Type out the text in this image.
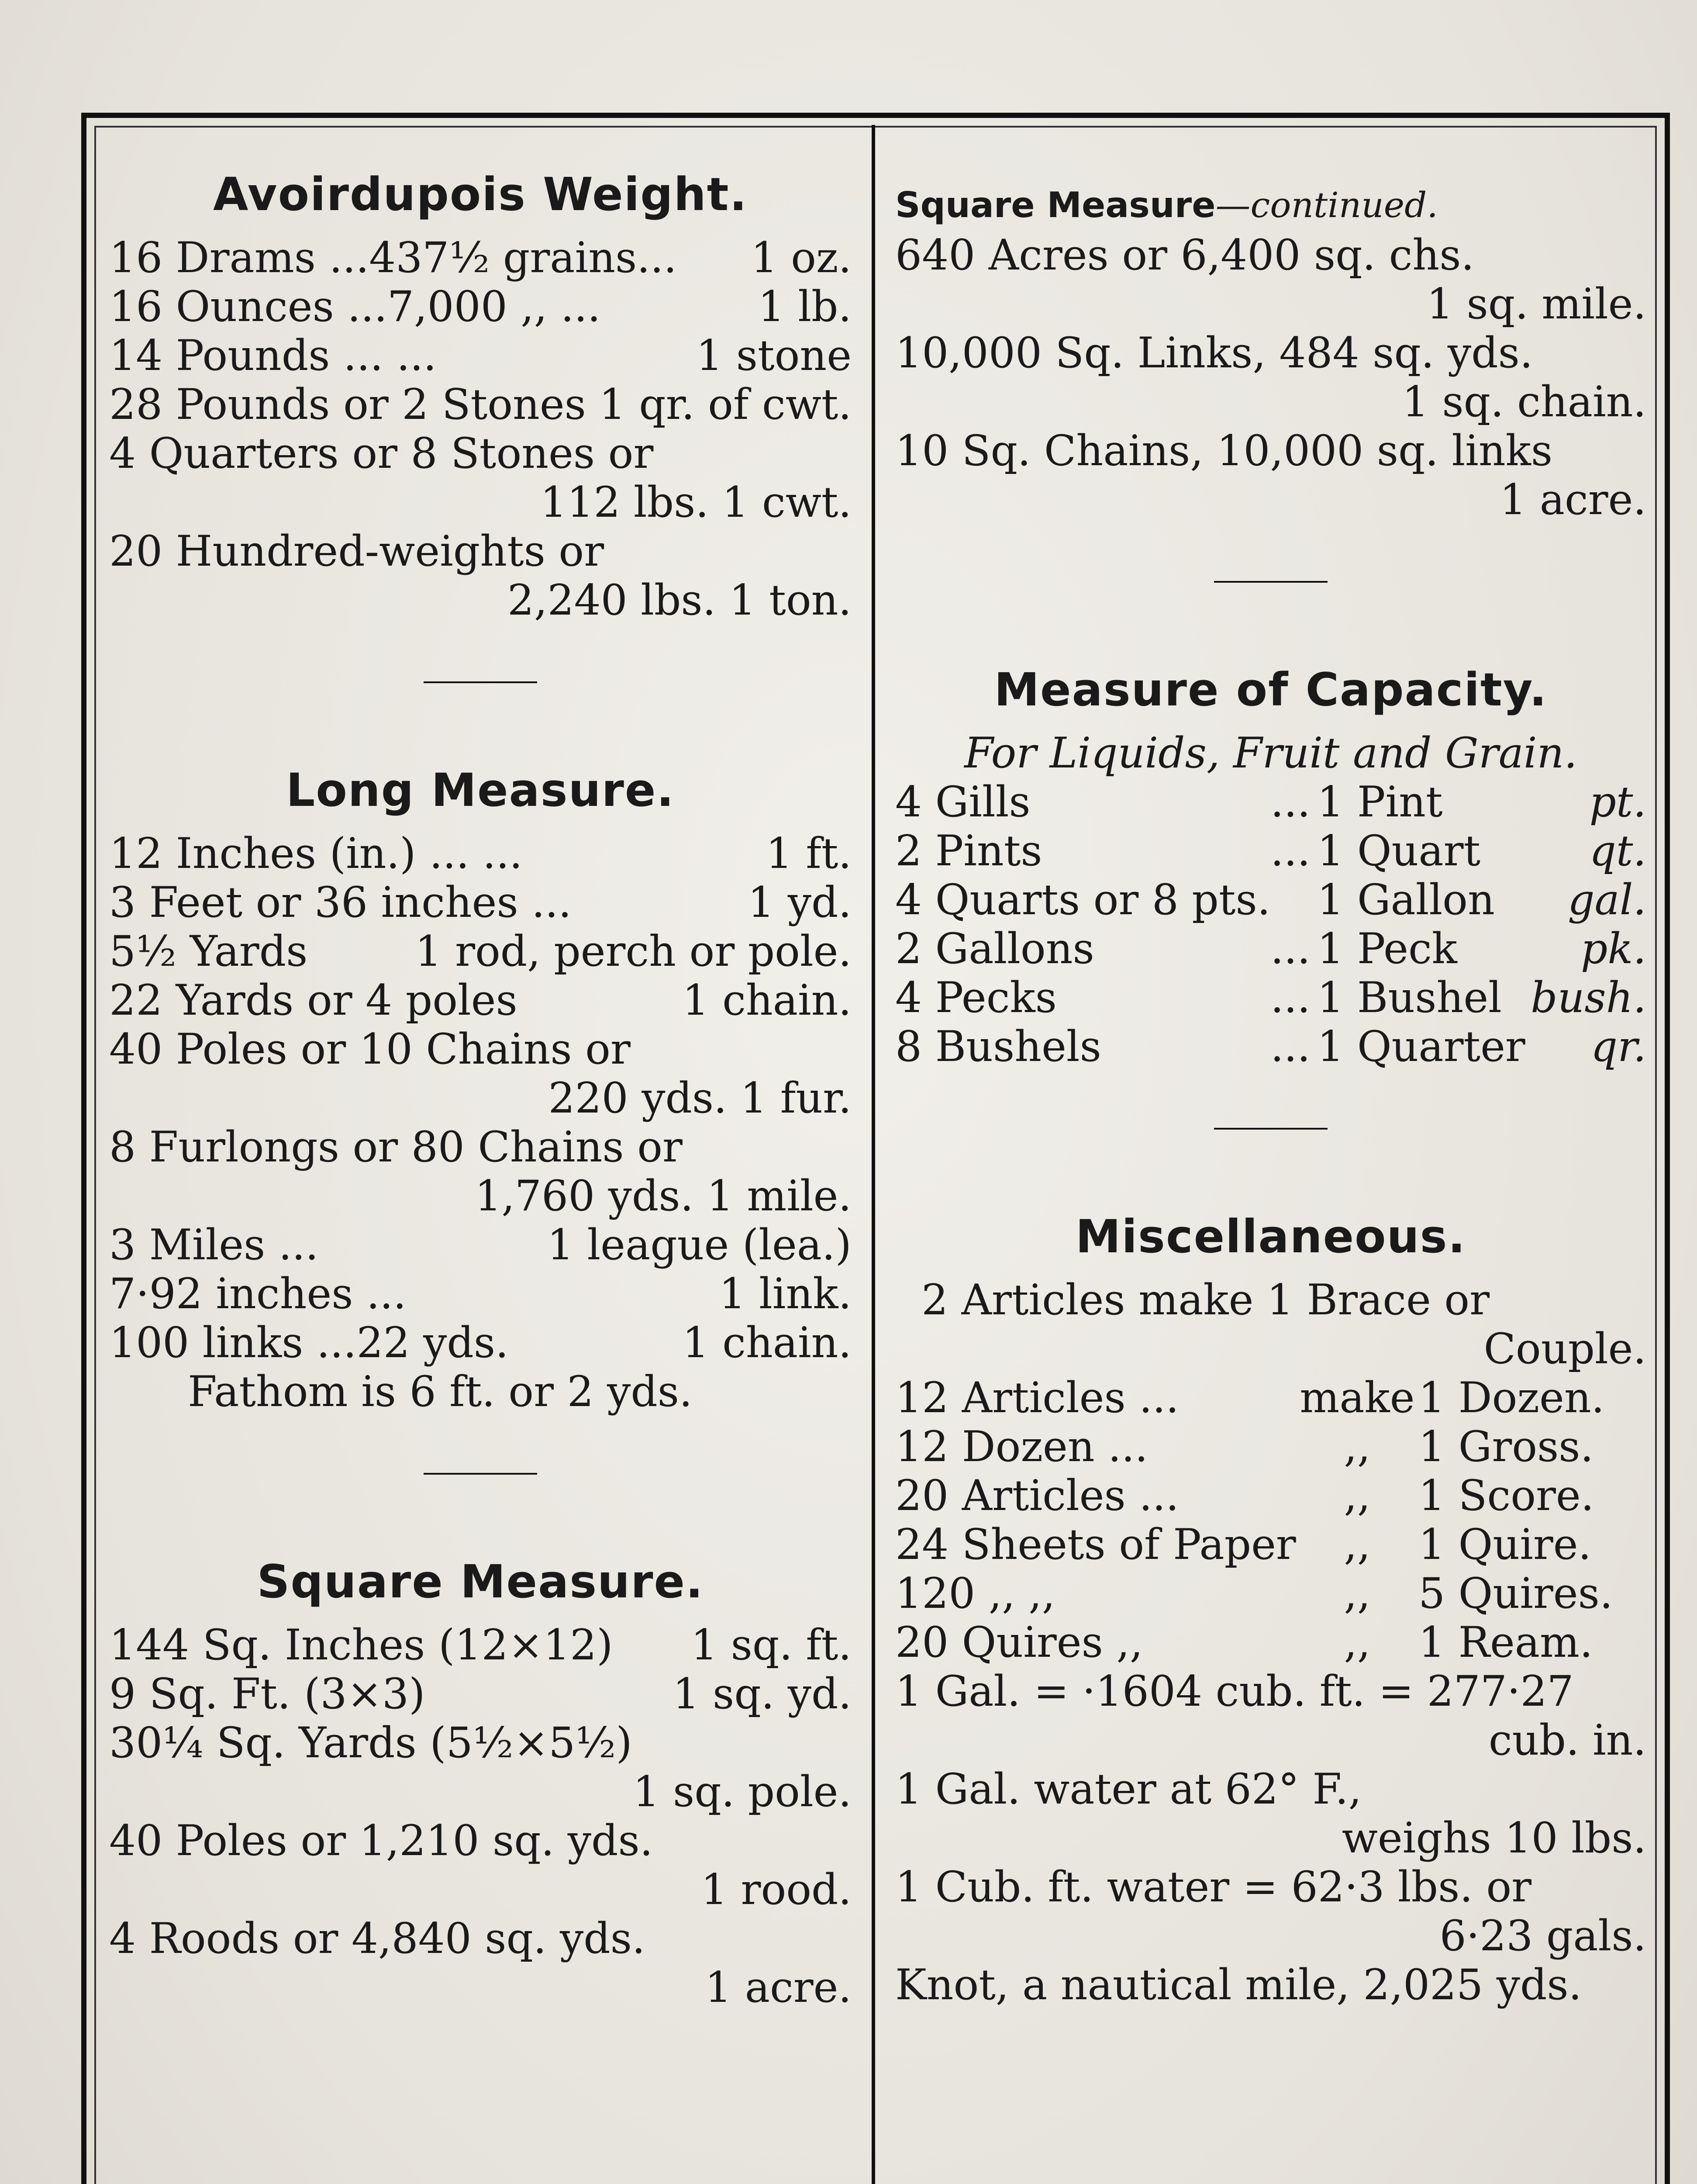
Avoirdupois Weight.
16 Drams ...437½ grains...	1 oz.
16 Ounces ...7,000 ,, ...	1 lb.
14 Pounds ... ...	1 stone
28 Pounds or 2 Stones 1 qr. of cwt.
4 Quarters or 8 Stones or
112 lbs. 1 cwt.
20 Hundred-weights or
2,240 lbs. 1 ton.
Long Measure.
12 Inches (in.) ... ...	1 ft.
3 Feet or 36 inches ...	1 yd.
5½ Yards	1 rod, perch or pole.
22 Yards or 4 poles	1 chain.
40 Poles or 10 Chains or
220 yds. 1 fur.
8 Furlongs or 80 Chains or
1,760 yds. 1 mile.
3 Miles ...	1 league (lea.)
7·92 inches ...	1 link.
100 links ...22 yds.	1 chain.
Fathom is 6 ft. or 2 yds.
Square Measure.
144 Sq. Inches (12×12)	1 sq. ft.
9 Sq. Ft. (3×3)	1 sq. yd.
30¼ Sq. Yards (5½×5½)
1 sq. pole.
40 Poles or 1,210 sq. yds.
1 rood.
4 Roods or 4,840 sq. yds.
1 acre.
Square Measure—continued.
640 Acres or 6,400 sq. chs.
1 sq. mile.
10,000 Sq. Links, 484 sq. yds.
1 sq. chain.
10 Sq. Chains, 10,000 sq. links
1 acre.
Measure of Capacity.
For Liquids, Fruit and Grain.
4 Gills	...	1 Pint	pt.
2 Pints	...	1 Quart	qt.
4 Quarts or 8 pts.		1 Gallon	gal.
2 Gallons	...	1 Peck	pk.
4 Pecks	...	1 Bushel	bush.
8 Bushels	...	1 Quarter	qr.
Miscellaneous.
2 Articles make 1 Brace or
Couple.
12 Articles ...	make	1 Dozen.
12 Dozen ...	,,	1 Gross.
20 Articles ...	,,	1 Score.
24 Sheets of Paper	,,	1 Quire.
120 ,, ,,	,,	5 Quires.
20 Quires ,,	,,	1 Ream.
1 Gal. = ·1604 cub. ft. = 277·27
cub. in.
1 Gal. water at 62° F.,
weighs 10 lbs.
1 Cub. ft. water = 62·3 lbs. or
6·23 gals.
Knot, a nautical mile, 2,025 yds.
